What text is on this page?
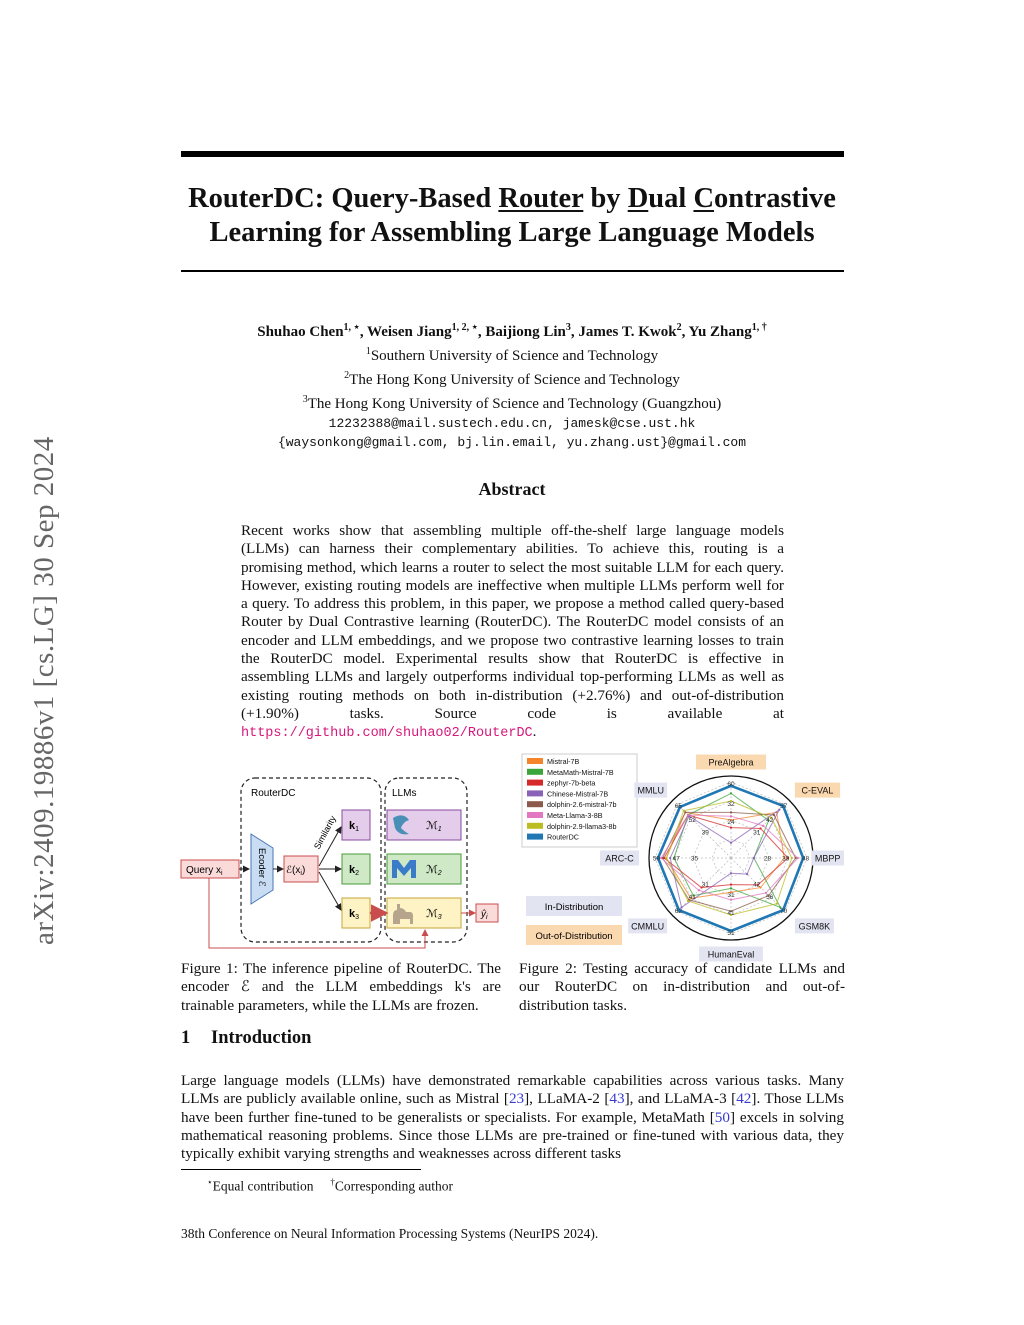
arXiv:2409.19886v1 [cs.LG] 30 Sep 2024
RouterDC: Query-Based Router by Dual Contrastive
Learning for Assembling Large Language Models
Shuhao Chen$^{1, ⋆}$, Weisen Jiang$^{1, 2, ⋆}$, Baijiong Lin$^3$, James T. Kwok$^2$, Yu Zhang$^{1, \dagger}$
$^1$Southern University of Science and Technology
$^2$The Hong Kong University of Science and Technology
$^3$The Hong Kong University of Science and Technology (Guangzhou)
12232388@mail.sustech.edu.cn, jamesk@cse.ust.hk
{waysonkong@gmail.com, bj.lin.email, yu.zhang.ust}@gmail.com
Abstract
Recent works show that assembling multiple off-the-shelf large language models (LLMs) can harness their complementary abilities. To achieve this, routing is a promising method, which learns a router to select the most suitable LLM for each query. However, existing routing models are ineffective when multiple LLMs perform well for a query. To address this problem, in this paper, we propose a method called query-based Router by Dual Contrastive learning (RouterDC). The RouterDC model consists of an encoder and LLM embeddings, and we propose two contrastive learning losses to train the RouterDC model. Experimental results show that RouterDC is effective in assembling LLMs and largely outperforms individual top-performing LLMs as well as existing routing methods on both in-distribution (+2.76%) and out-of-distribution (+1.90%) tasks. Source code is available at https://github.com/shuhao02/RouterDC.
RouterDC	LLMs
Query $x_i$	Ecoder ℰ $ℰ(x_i)$
Similarity k1
k2
k3
ℳ1
ℳ2
ℳ3	$ŷ_i$
Figure 1: The inference pipeline of RouterDC. The encoder ℰ and the LLM embeddings k's are trainable parameters, while the LLMs are frozen.
Mistral-7B
MetaMath-Mistral-7B
zephyr-7b-beta
Chinese-Mistral-7B
dolphin-2.6-mistral-7b
Meta-Llama-3-8B
dolphin-2.9-llama3-8b
RouterDC
60
57
48
70
51
62
59
65	32
42
38
56
41
41
47
52	24
31
28
42
31
31
35
39
PreAlgebra
C-EVAL
MBPP
GSM8K
HumanEval
CMMLU
ARC-C
MMLU
In-Distribution
Out-of-Distribution
Figure 2: Testing accuracy of candidate LLMs and our RouterDC on in-distribution and out-of-distribution tasks.
1 Introduction
Large language models (LLMs) have demonstrated remarkable capabilities across various tasks. Many LLMs are publicly available online, such as Mistral [23], LLaMA-2 [43], and LLaMA-3 [42]. Those LLMs have been further fine-tuned to be generalists or specialists. For example, MetaMath [50] excels in solving mathematical reasoning problems. Since those LLMs are pre-trained or fine-tuned with various data, they typically exhibit varying strengths and weaknesses across different tasks
⋆Equal contribution †Corresponding author
38th Conference on Neural Information Processing Systems (NeurIPS 2024).
